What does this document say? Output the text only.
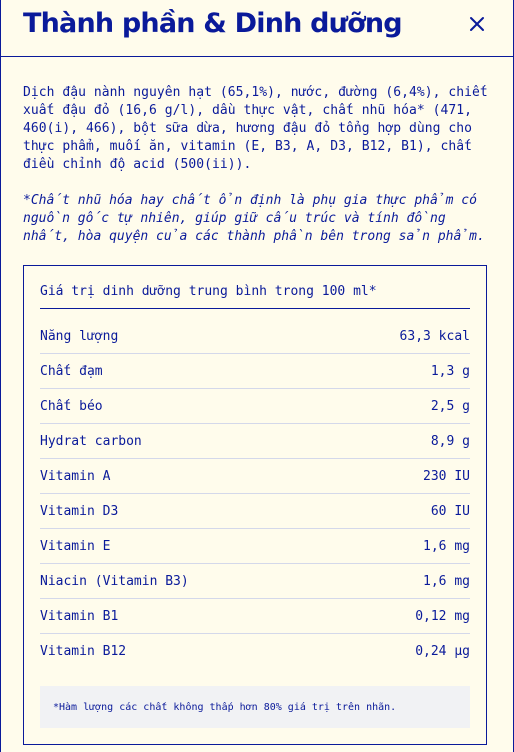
Thành phần & Dinh dưỡng
Dịch đậu nành nguyên hạt (65,1%), nước, đường (6,4%), chiết xuất đậu đỏ (16,6 g/l), dầu thực vật, chất nhũ hóa* (471, 460(i), 466), bột sữa dừa, hương đậu đỏ tổng hợp dùng cho thực phẩm, muối ăn, vitamin (E, B3, A, D3, B12, B1), chất điều chỉnh độ acid (500(ii)).
*Chất nhũ hóa hay chất ổn định là phụ gia thực phẩm có nguồn gốc tự nhiên, giúp giữ cấu trúc và tính đồng nhất, hòa quyện của các thành phần bên trong sản phẩm.
Giá trị dinh dưỡng trung bình trong 100 ml*
Năng lượng	63,3 kcal
Chất đạm	1,3 g
Chất béo	2,5 g
Hydrat carbon	8,9 g
Vitamin A	230 IU
Vitamin D3	60 IU
Vitamin E	1,6 mg
Niacin (Vitamin B3)	1,6 mg
Vitamin B1	0,12 mg
Vitamin B12	0,24 μg
*Hàm lượng các chất không thấp hơn 80% giá trị trên nhãn.
